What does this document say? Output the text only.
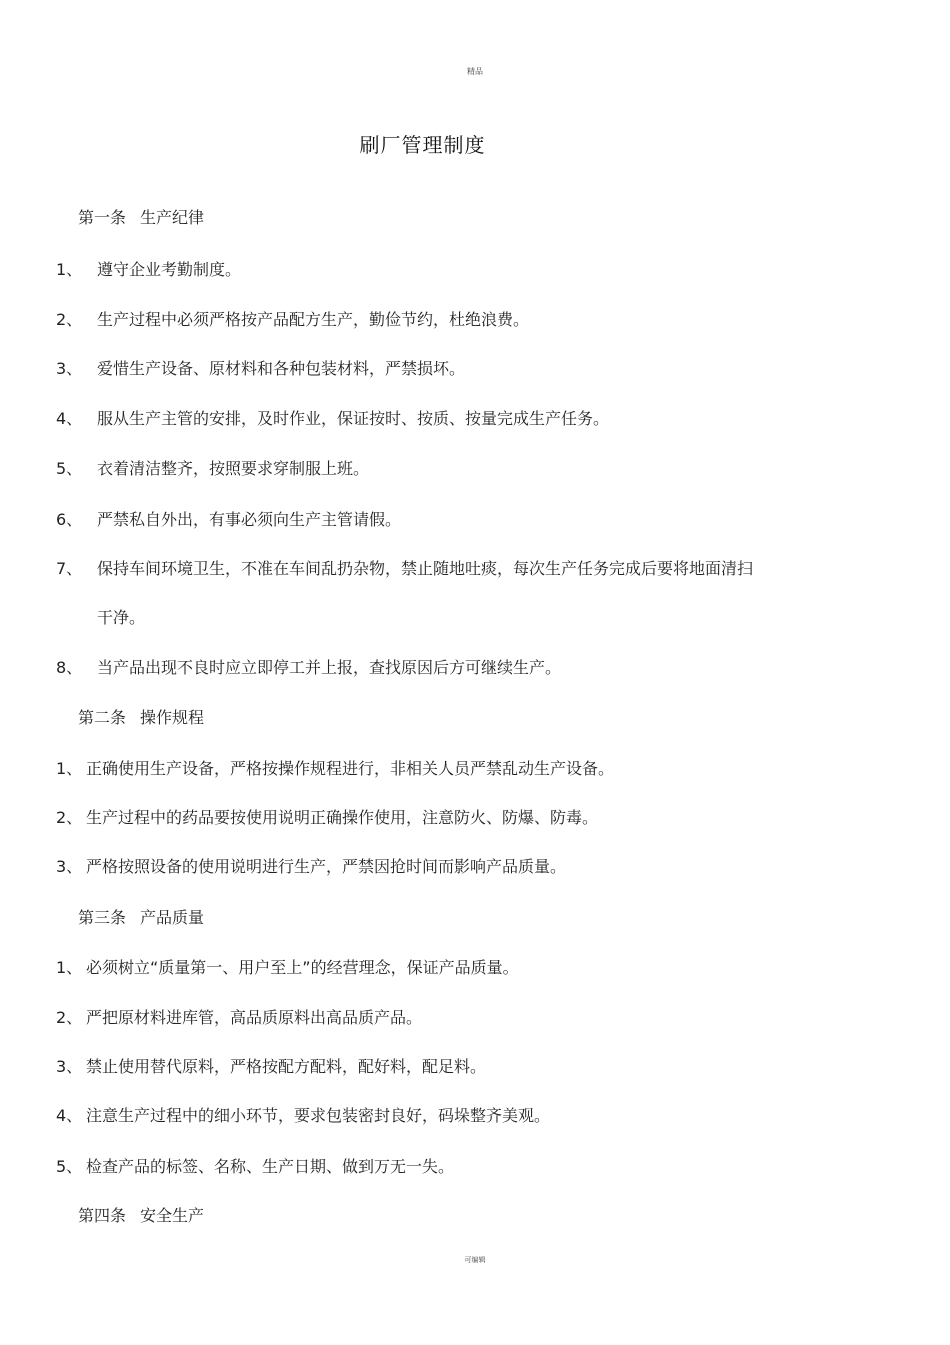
精品
刷厂管理制度
第一条 生产纪律
1、 遵守企业考勤制度。
2、 生产过程中必须严格按产品配方生产，勤俭节约，杜绝浪费。
3、 爱惜生产设备、原材料和各种包装材料，严禁损坏。
4、 服从生产主管的安排，及时作业，保证按时、按质、按量完成生产任务。
5、 衣着清洁整齐，按照要求穿制服上班。
6、 严禁私自外出，有事必须向生产主管请假。
7、 保持车间环境卫生，不准在车间乱扔杂物，禁止随地吐痰，每次生产任务完成后要将地面清扫
干净。
8、 当产品出现不良时应立即停工并上报，查找原因后方可继续生产。
第二条 操作规程
1、 正确使用生产设备，严格按操作规程进行，非相关人员严禁乱动生产设备。
2、 生产过程中的药品要按使用说明正确操作使用，注意防火、防爆、防毒。
3、 严格按照设备的使用说明进行生产，严禁因抢时间而影响产品质量。
第三条 产品质量
1、 必须树立“质量第一、用户至上”的经营理念，保证产品质量。
2、 严把原材料进库管，高品质原料出高品质产品。
3、 禁止使用替代原料，严格按配方配料，配好料，配足料。
4、 注意生产过程中的细小环节，要求包装密封良好，码垛整齐美观。
5、 检查产品的标签、名称、生产日期、做到万无一失。
第四条 安全生产
可编辑
